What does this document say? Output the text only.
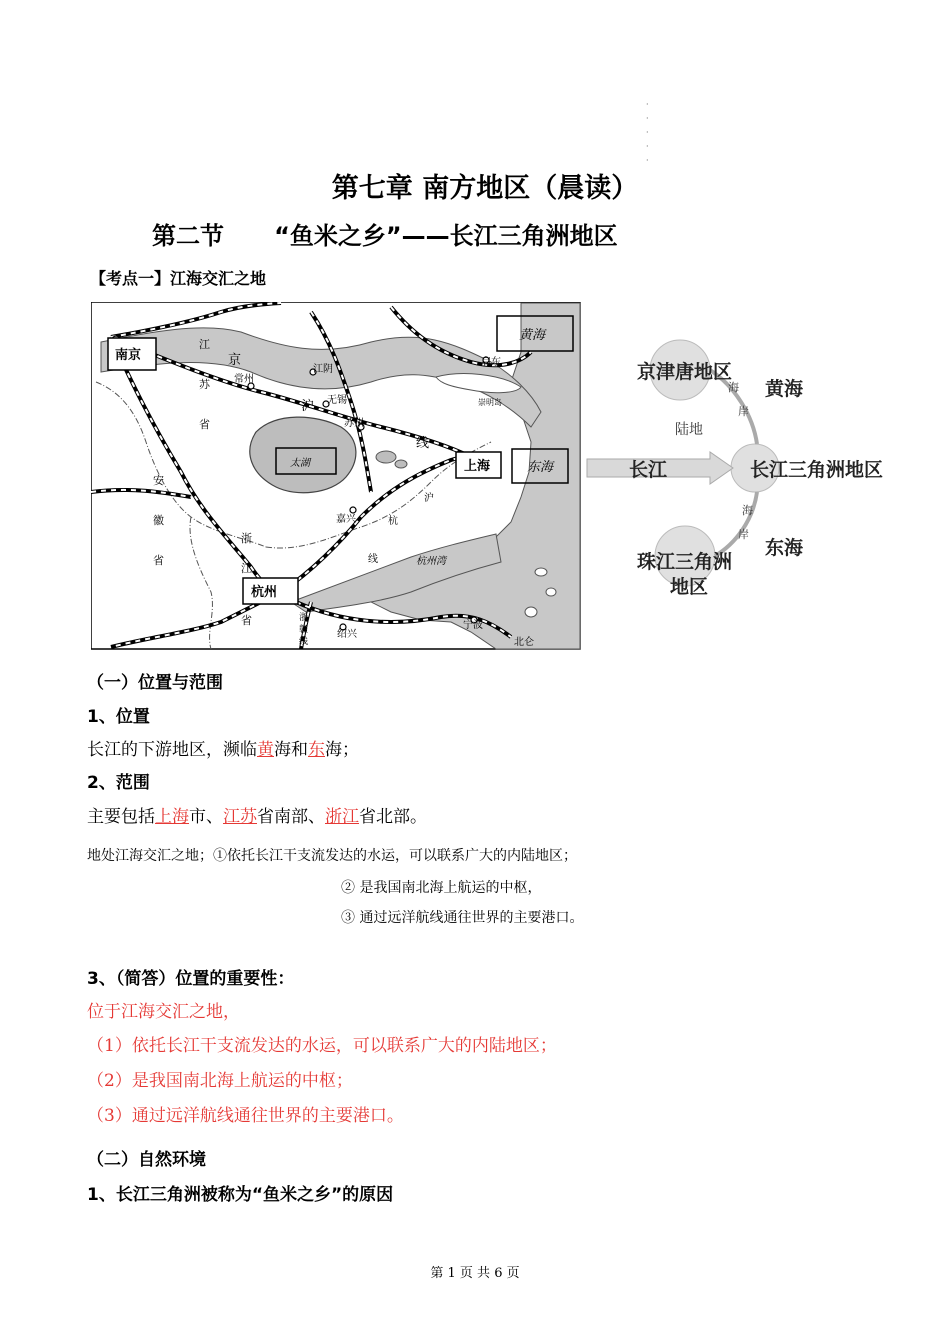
·
·
·
·
·
第七章 南方地区（晨读）
第二节      “鱼米之乡”——长江三角洲地区
【考点一】江海交汇之地
南京
黄海
太湖	上海	东海
杭州
常州
江阴
无锡
苏州
启东
崇明岛
嘉兴
杭州湾
绍兴
宁波
北仑
江
苏
省
安
徽
省
浙
江
省
京
沪
线
沪
杭
线
浙
赣
线
京津唐地区
黄海
长江	长江三角洲地区
东海
珠江三角洲
地区
陆地
海
岸
海
岸
（一）位置与范围
1、位置
长江的下游地区，濒临黄海和东海；
2、范围
主要包括上海市、江苏省南部、浙江省北部。
地处江海交汇之地；①依托长江干支流发达的水运，可以联系广大的内陆地区；
② 是我国南北海上航运的中枢，
③ 通过远洋航线通往世界的主要港口。
3、（简答）位置的重要性：
位于江海交汇之地，
（1）依托长江干支流发达的水运，可以联系广大的内陆地区；
（2）是我国南北海上航运的中枢；
（3）通过远洋航线通往世界的主要港口。
（二）自然环境
1、长江三角洲被称为“鱼米之乡”的原因
第 1 页 共 6 页
